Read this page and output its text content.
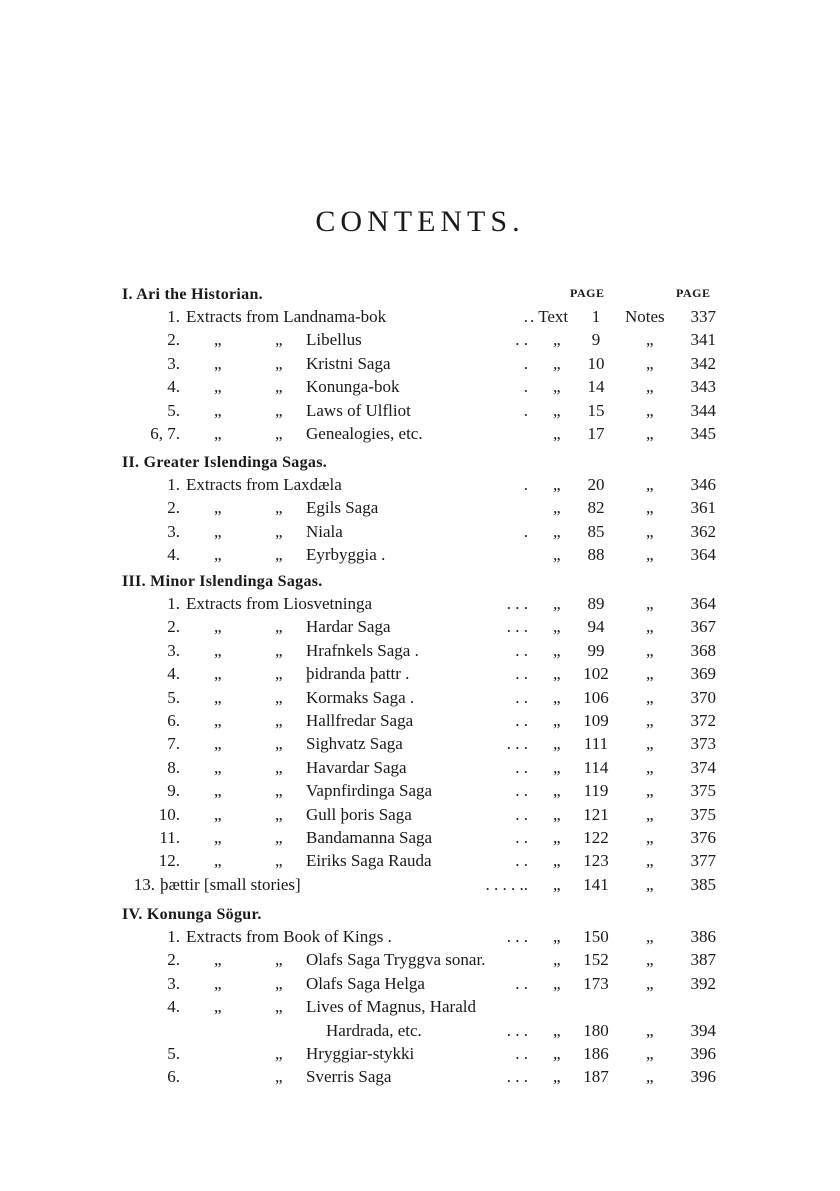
CONTENTS.
PAGE	PAGE
I. Ari the Historian.
1. Extracts from Landnama-bok	. . Text	1	Notes	337
2. „	„ Libellus	. . „	9	„	341
3. „	„ Kristni Saga	. „	10	„	342
4. „	„ Konunga-bok	. „	14	„	343
5. „	„ Laws of Ulfliot	. „	15	„	344
6, 7. „	„ Genealogies, etc.	„	17	„	345
II. Greater Islendinga Sagas.
1. Extracts from Laxdæla	. „	20	„	346
2. „	„ Egils Saga	„	82	„	361
3. „	„ Niala	. „	85	„	362
4. „	„ Eyrbyggia .	„	88	„	364
III. Minor Islendinga Sagas.
1. Extracts from Liosvetninga	. . . „	89	„	364
2. „	„ Hardar Saga	. . . „	94	„	367
3. „	„ Hrafnkels Saga .	. . „	99	„	368
4. „	„ þidranda þattr .	. . „	102	„	369
5. „	„ Kormaks Saga .	. . „	106	„	370
6. „	„ Hallfredar Saga	. . „	109	„	372
7. „	„ Sighvatz Saga	. . . „	111	„	373
8. „	„ Havardar Saga	. . „	114	„	374
9. „	„ Vapnfirdinga Saga	. . „	119	„	375
10. „	„ Gull þoris Saga	. . „	121	„	375
11. „	„ Bandamanna Saga	. . „	122	„	376
12. „	„ Eiriks Saga Rauda	. . „	123	„	377
13. þættir [small stories]	. . . . .. „	141	„	385
IV. Konunga Sögur.
1. Extracts from Book of Kings .	. . . „	150	„	386
2. „	„ Olafs Saga Tryggva sonar.	„	152	„	387
3. „	„ Olafs Saga Helga	. . „	173	„	392
4. „	„ Lives of Magnus, Harald
Hardrada, etc.	. . . „	180	„	394
5.	„ Hryggiar-stykki	. . „	186	„	396
6.	„ Sverris Saga	. . . „	187	„	396
